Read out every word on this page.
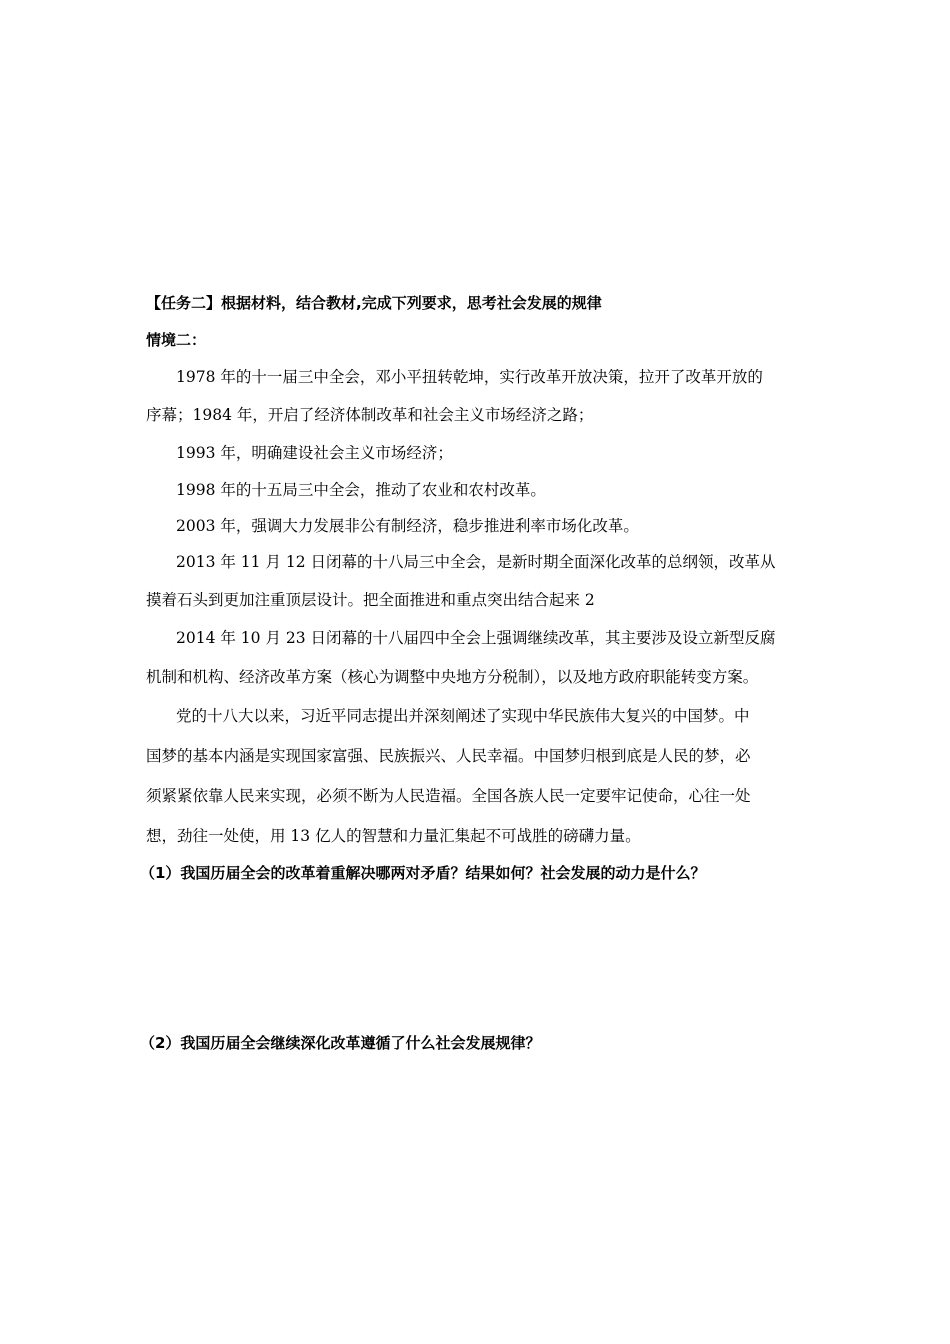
【任务二】根据材料，结合教材,完成下列要求，思考社会发展的规律
情境二：
1978 年的十一届三中全会，邓小平扭转乾坤，实行改革开放决策，拉开了改革开放的
序幕；1984 年，开启了经济体制改革和社会主义市场经济之路；
1993 年，明确建设社会主义市场经济；
1998 年的十五局三中全会，推动了农业和农村改革。
2003 年，强调大力发展非公有制经济，稳步推进利率市场化改革。
2013 年 11 月 12 日闭幕的十八局三中全会，是新时期全面深化改革的总纲领，改革从
摸着石头到更加注重顶层设计。把全面推进和重点突出结合起来 2
2014 年 10 月 23 日闭幕的十八届四中全会上强调继续改革，其主要涉及设立新型反腐
机制和机构、经济改革方案（核心为调整中央地方分税制），以及地方政府职能转变方案。
党的十八大以来，习近平同志提出并深刻阐述了实现中华民族伟大复兴的中国梦。中
国梦的基本内涵是实现国家富强、民族振兴、人民幸福。中国梦归根到底是人民的梦，必
须紧紧依靠人民来实现，必须不断为人民造福。全国各族人民一定要牢记使命，心往一处
想，劲往一处使，用 13 亿人的智慧和力量汇集起不可战胜的磅礴力量。
（1）我国历届全会的改革着重解决哪两对矛盾？结果如何？社会发展的动力是什么？
（2）我国历届全会继续深化改革遵循了什么社会发展规律？
